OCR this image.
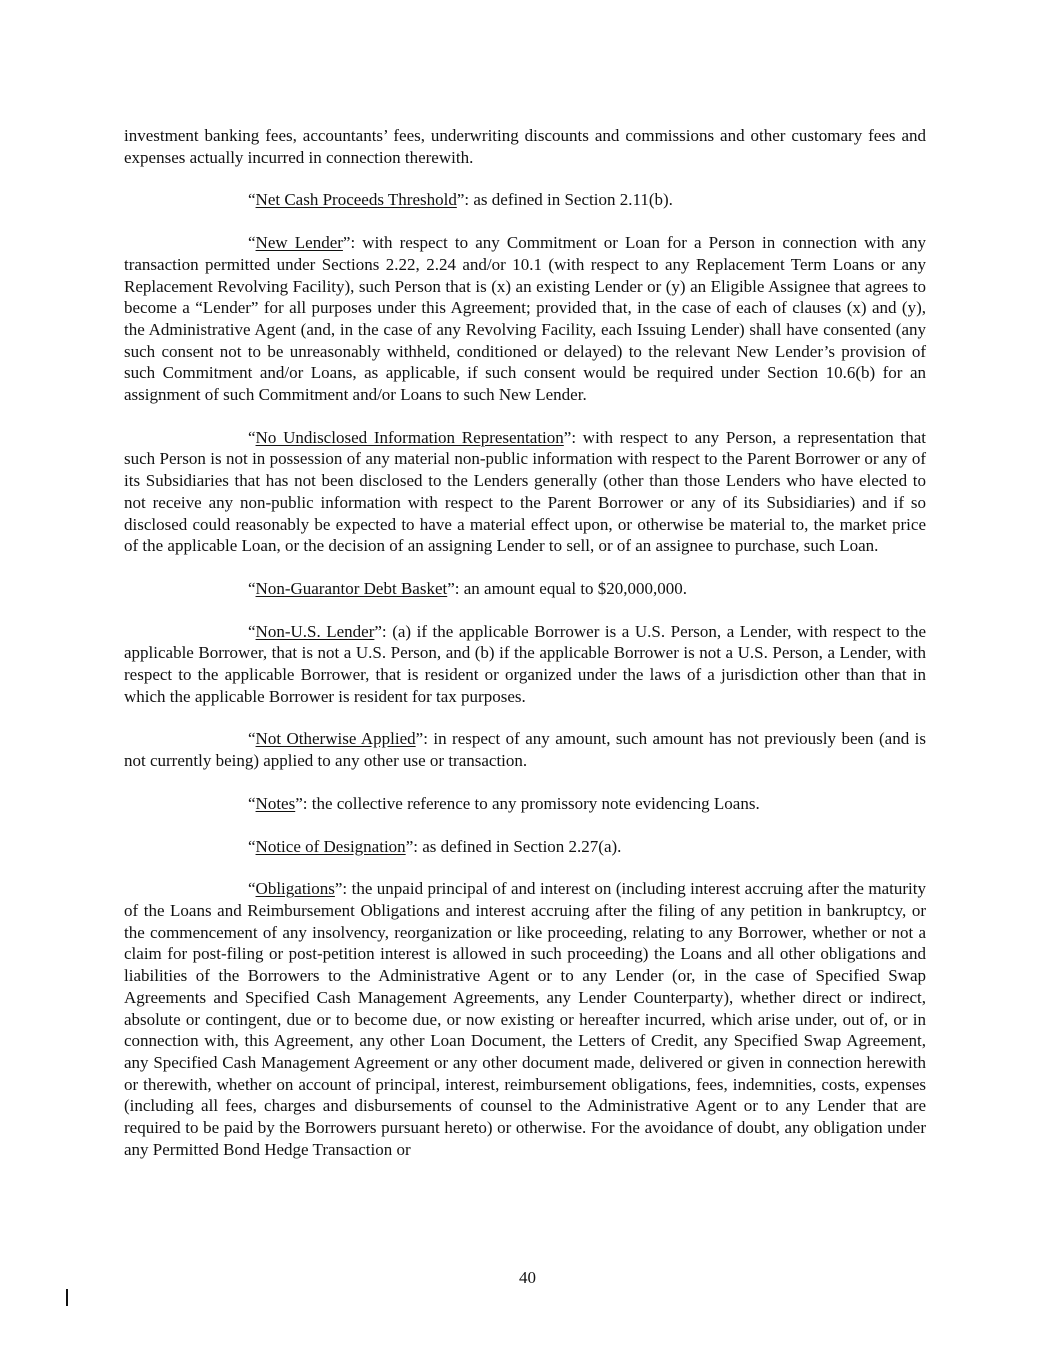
investment banking fees, accountants’ fees, underwriting discounts and commissions and other customary fees and expenses actually incurred in connection therewith.

“Net Cash Proceeds Threshold”: as defined in Section 2.11(b).

“New Lender”: with respect to any Commitment or Loan for a Person in connection with any transaction permitted under Sections 2.22, 2.24 and/or 10.1 (with respect to any Replacement Term Loans or any Replacement Revolving Facility), such Person that is (x) an existing Lender or (y) an Eligible Assignee that agrees to become a “Lender” for all purposes under this Agreement; provided that, in the case of each of clauses (x) and (y), the Administrative Agent (and, in the case of any Revolving Facility, each Issuing Lender) shall have consented (any such consent not to be unreasonably withheld, conditioned or delayed) to the relevant New Lender’s provision of such Commitment and/or Loans, as applicable, if such consent would be required under Section 10.6(b) for an assignment of such Commitment and/or Loans to such New Lender.

“No Undisclosed Information Representation”: with respect to any Person, a representation that such Person is not in possession of any material non-public information with respect to the Parent Borrower or any of its Subsidiaries that has not been disclosed to the Lenders generally (other than those Lenders who have elected to not receive any non-public information with respect to the Parent Borrower or any of its Subsidiaries) and if so disclosed could reasonably be expected to have a material effect upon, or otherwise be material to, the market price of the applicable Loan, or the decision of an assigning Lender to sell, or of an assignee to purchase, such Loan.

“Non-Guarantor Debt Basket”: an amount equal to $20,000,000.

“Non-U.S. Lender”: (a) if the applicable Borrower is a U.S. Person, a Lender, with respect to the applicable Borrower, that is not a U.S. Person, and (b) if the applicable Borrower is not a U.S. Person, a Lender, with respect to the applicable Borrower, that is resident or organized under the laws of a jurisdiction other than that in which the applicable Borrower is resident for tax purposes.

“Not Otherwise Applied”: in respect of any amount, such amount has not previously been (and is not currently being) applied to any other use or transaction.

“Notes”: the collective reference to any promissory note evidencing Loans.

“Notice of Designation”: as defined in Section 2.27(a).

“Obligations”: the unpaid principal of and interest on (including interest accruing after the maturity of the Loans and Reimbursement Obligations and interest accruing after the filing of any petition in bankruptcy, or the commencement of any insolvency, reorganization or like proceeding, relating to any Borrower, whether or not a claim for post-filing or post-petition interest is allowed in such proceeding) the Loans and all other obligations and liabilities of the Borrowers to the Administrative Agent or to any Lender (or, in the case of Specified Swap Agreements and Specified Cash Management Agreements, any Lender Counterparty), whether direct or indirect, absolute or contingent, due or to become due, or now existing or hereafter incurred, which arise under, out of, or in connection with, this Agreement, any other Loan Document, the Letters of Credit, any Specified Swap Agreement, any Specified Cash Management Agreement or any other document made, delivered or given in connection herewith or therewith, whether on account of principal, interest, reimbursement obligations, fees, indemnities, costs, expenses (including all fees, charges and disbursements of counsel to the Administrative Agent or to any Lender that are required to be paid by the Borrowers pursuant hereto) or otherwise. For the avoidance of doubt, any obligation under any Permitted Bond Hedge Transaction or

40
